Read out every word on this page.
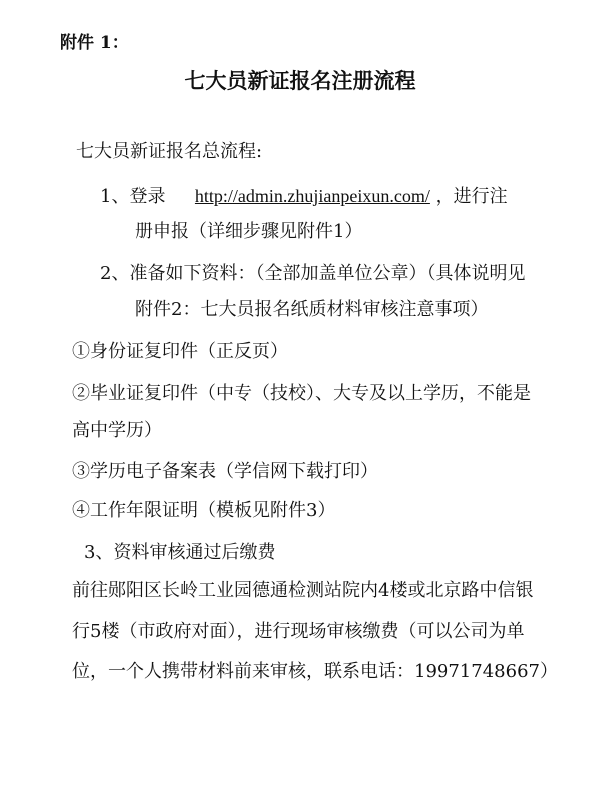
附件 1：
七大员新证报名注册流程
七大员新证报名总流程:
1、登录 http://admin.zhujianpeixun.com/ ，进行注
册申报（详细步骤见附件1）
2、准备如下资料：（全部加盖单位公章）（具体说明见
附件2：七大员报名纸质材料审核注意事项）
①身份证复印件（正反页）
②毕业证复印件（中专（技校）、大专及以上学历，不能是
高中学历）
③学历电子备案表（学信网下载打印）
④工作年限证明（模板见附件3）
3、资料审核通过后缴费
前往郧阳区长岭工业园德通检测站院内4楼或北京路中信银
行5楼（市政府对面），进行现场审核缴费（可以公司为单
位，一个人携带材料前来审核，联系电话：19971748667）
